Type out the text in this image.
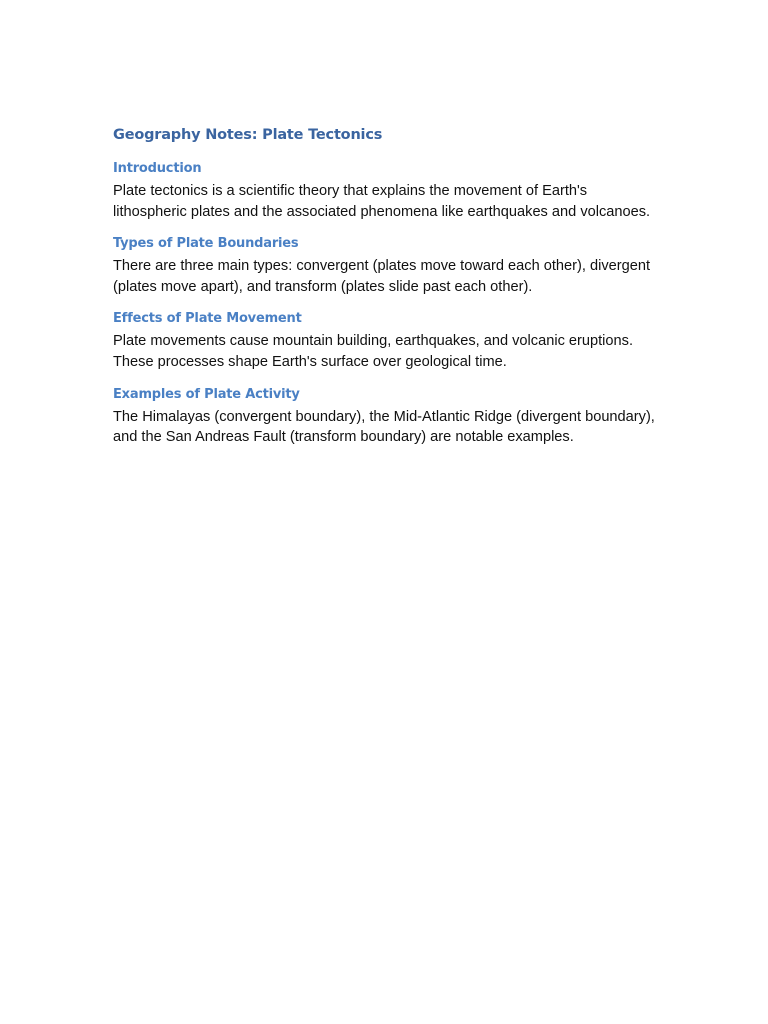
Geography Notes: Plate Tectonics
Introduction

Plate tectonics is a scientific theory that explains the movement of Earth's lithospheric plates and the associated phenomena like earthquakes and volcanoes.

Types of Plate Boundaries

There are three main types: convergent (plates move toward each other), divergent (plates move apart), and transform (plates slide past each other).

Effects of Plate Movement

Plate movements cause mountain building, earthquakes, and volcanic eruptions. These processes shape Earth's surface over geological time.

Examples of Plate Activity

The Himalayas (convergent boundary), the Mid-Atlantic Ridge (divergent boundary), and the San Andreas Fault (transform boundary) are notable examples.
